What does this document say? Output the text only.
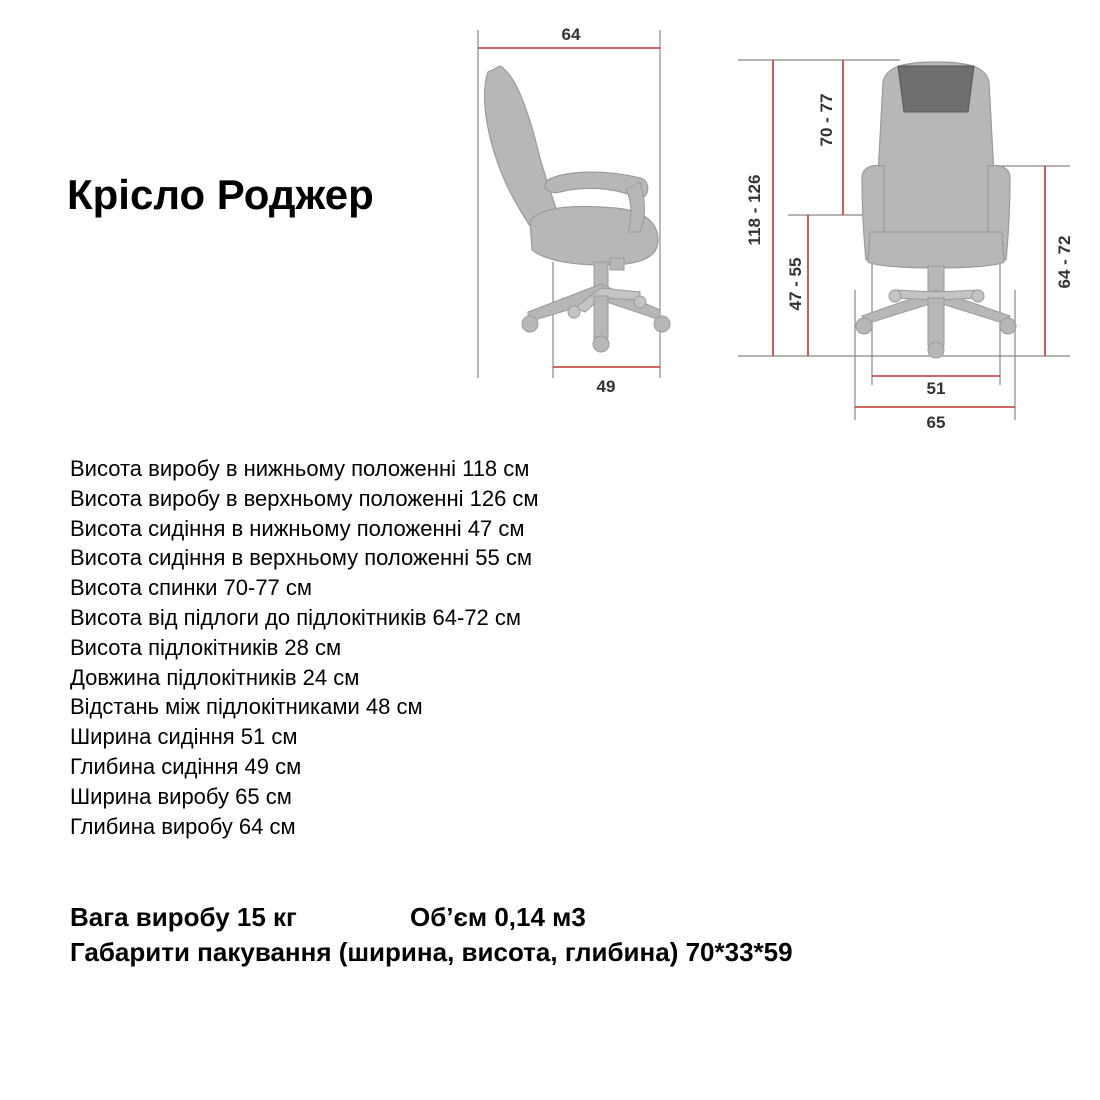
Крісло Роджер
64
49
118 - 126
70 - 77
47 - 55	64 - 72
51
65
Висота виробу в нижньому положенні 118 см
Висота виробу в верхньому положенні 126 см
Висота сидіння в нижньому положенні 47 см
Висота сидіння в верхньому положенні 55 см
Висота спинки 70-77 см
Висота від підлоги до підлокітників 64-72 см
Висота підлокітників 28 см
Довжина підлокітників 24 см
Відстань між підлокітниками 48 см
Ширина сидіння 51 см
Глибина сидіння 49 см
Ширина виробу 65 см
Глибина виробу 64 см
Вага виробу 15 кг	Об’єм 0,14 м3
Габарити пакування (ширина, висота, глибина) 70*33*59
